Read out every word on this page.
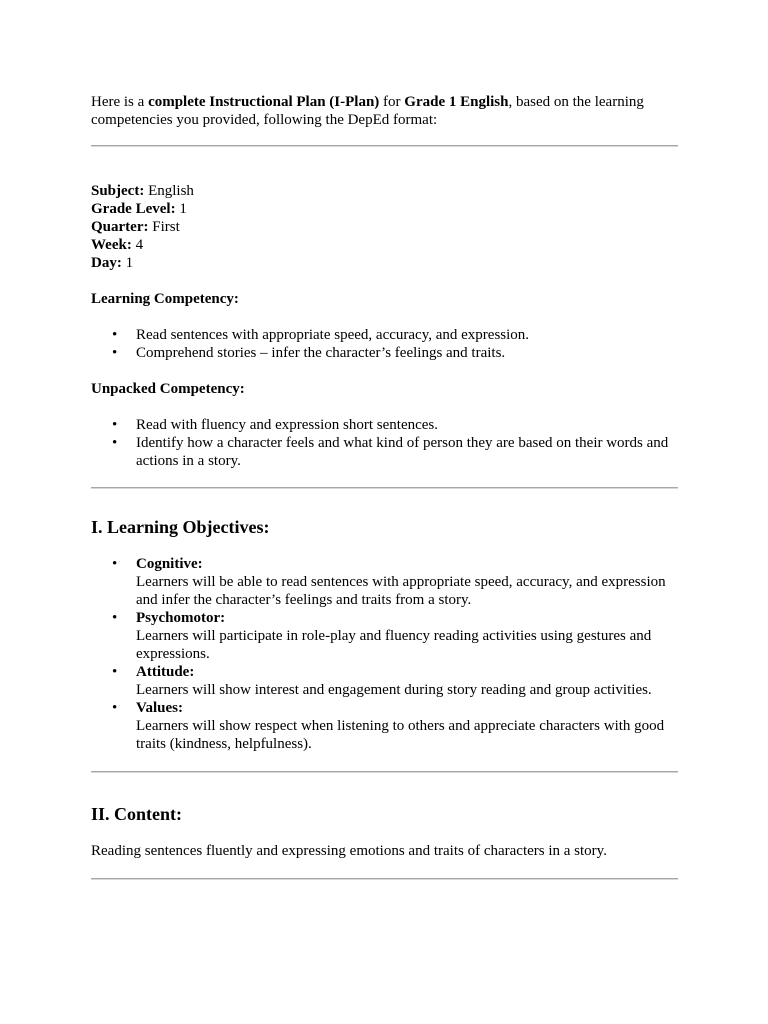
Here is a complete Instructional Plan (I-Plan) for Grade 1 English, based on the learning competencies you provided, following the DepEd format:

Subject: English

Grade Level: 1

Quarter: First

Week: 4

Day: 1

Learning Competency:

• Read sentences with appropriate speed, accuracy, and expression.
• Comprehend stories – infer the character’s feelings and traits.

Unpacked Competency:

• Read with fluency and expression short sentences.
• Identify how a character feels and what kind of person they are based on their words and actions in a story.
I. Learning Objectives:
• Cognitive:
Learners will be able to read sentences with appropriate speed, accuracy, and expression and infer the character’s feelings and traits from a story.
• Psychomotor:
Learners will participate in role-play and fluency reading activities using gestures and expressions.
• Attitude:
Learners will show interest and engagement during story reading and group activities.
• Values:
Learners will show respect when listening to others and appreciate characters with good traits (kindness, helpfulness).
II. Content:

Reading sentences fluently and expressing emotions and traits of characters in a story.
